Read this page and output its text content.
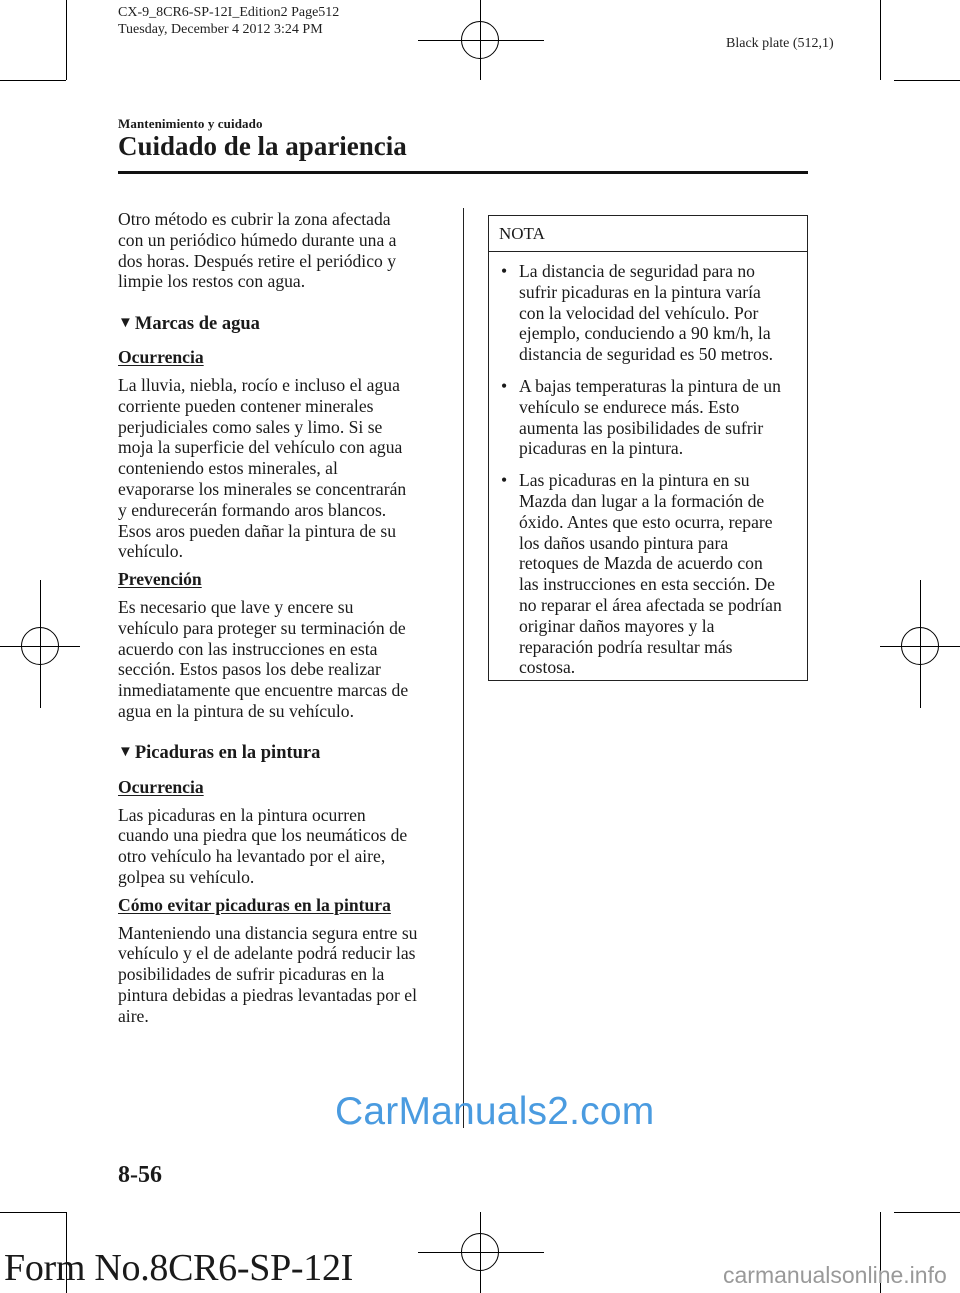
CX-9_8CR6-SP-12I_Edition2 Page512
Tuesday, December 4 2012 3:24 PM
Black plate (512,1)
Mantenimiento y cuidado
Cuidado de la apariencia

Otro método es cubrir la zona afectada
con un periódico húmedo durante una a
dos horas. Después retire el periódico y
limpie los restos con agua.

▼ Marcas de agua

Ocurrencia

La lluvia, niebla, rocío e incluso el agua
corriente pueden contener minerales
perjudiciales como sales y limo. Si se
moja la superficie del vehículo con agua
conteniendo estos minerales, al
evaporarse los minerales se concentrarán
y endurecerán formando aros blancos.
Esos aros pueden dañar la pintura de su
vehículo.

Prevención

Es necesario que lave y encere su
vehículo para proteger su terminación de
acuerdo con las instrucciones en esta
sección. Estos pasos los debe realizar
inmediatamente que encuentre marcas de
agua en la pintura de su vehículo.

▼ Picaduras en la pintura

Ocurrencia

Las picaduras en la pintura ocurren
cuando una piedra que los neumáticos de
otro vehículo ha levantado por el aire,
golpea su vehículo.

Cómo evitar picaduras en la pintura

Manteniendo una distancia segura entre su
vehículo y el de adelante podrá reducir las
posibilidades de sufrir picaduras en la
pintura debidas a piedras levantadas por el
aire.

NOTA
• La distancia de seguridad para no
sufrir picaduras en la pintura varía
con la velocidad del vehículo. Por
ejemplo, conduciendo a 90 km/h, la
distancia de seguridad es 50 metros.
• A bajas temperaturas la pintura de un
vehículo se endurece más. Esto
aumenta las posibilidades de sufrir
picaduras en la pintura.
• Las picaduras en la pintura en su
Mazda dan lugar a la formación de
óxido. Antes que esto ocurra, repare
los daños usando pintura para
retoques de Mazda de acuerdo con
las instrucciones en esta sección. De
no reparar el área afectada se podrían
originar daños mayores y la
reparación podría resultar más
costosa.
8-56
CarManuals2.com
Form No.8CR6-SP-12I	carmanualsonline.info
